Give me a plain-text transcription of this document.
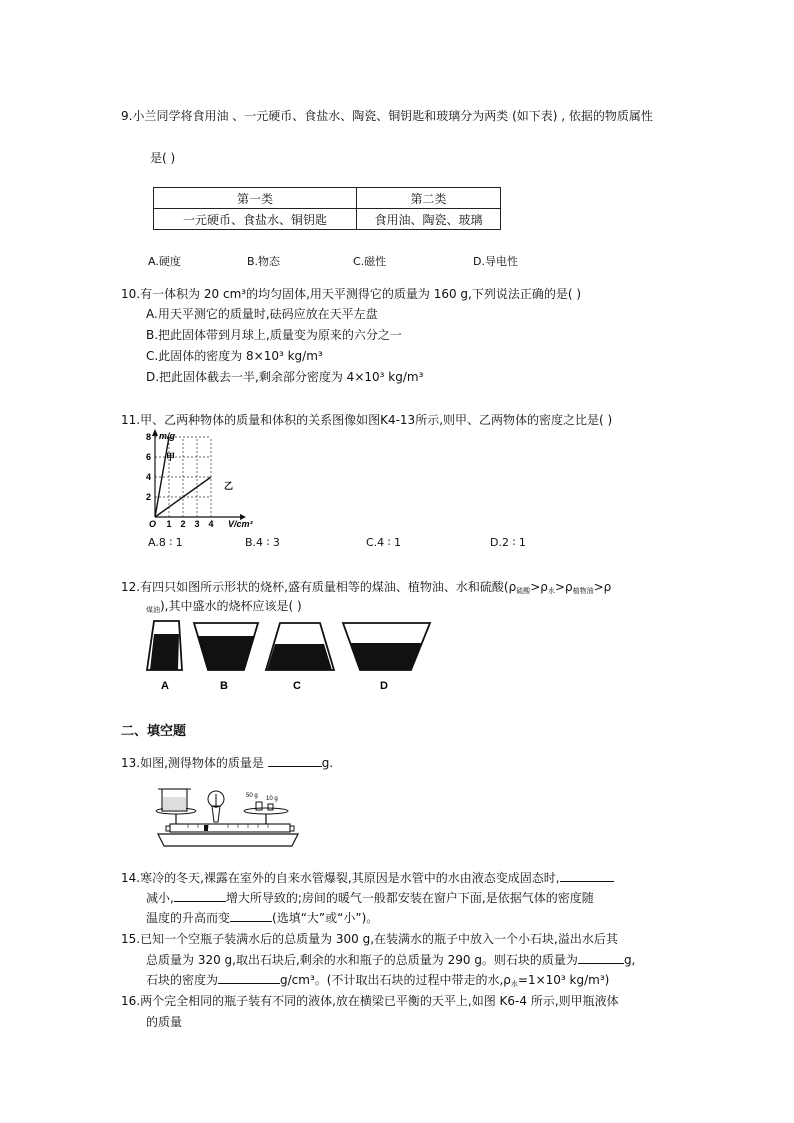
9.小兰同学将食用油 、一元硬币、食盐水、陶瓷、铜钥匙和玻璃分为两类 (如下表) , 依据的物质属性
是( )
第一类	第二类
一元硬币、食盐水、铜钥匙	食用油、陶瓷、玻璃
A.硬度	B.物态	C.磁性	D.导电性
10.有一体积为 20 cm³的均匀固体,用天平测得它的质量为 160 g,下列说法正确的是( )
A.用天平测它的质量时,砝码应放在天平左盘
B.把此固体带到月球上,质量变为原来的六分之一
C.此固体的密度为 8×10³ kg/m³
D.把此固体截去一半,剩余部分密度为 4×10³ kg/m³
11.甲、乙两种物体的质量和体积的关系图像如图K4-13所示,则甲、乙两物体的密度之比是( )
m/g
V/cm³
O
甲
乙
1 2 3 4
2
4
6
8
A.8 ∶ 1	B.4 ∶ 3	C.4 ∶ 1	D.2 ∶ 1
12.有四只如图所示形状的烧杯,盛有质量相等的煤油、植物油、水和硫酸($\rho_{硫酸}>\rho_水>\rho_{植物油}>\rho$
$_{煤油}$),其中盛水的烧杯应该是( )
A	B	C	D
二、填空题
13.如图,测得物体的质量是	g.
50 g 10 g
14.寒冷的冬天,裸露在室外的自来水管爆裂,其原因是水管中的水由液态变成固态时,
减小,	增大所导致的;房间的暖气一般都安装在窗户下面,是依据气体的密度随
温度的升高而变	(选填“大”或“小”)。
15.已知一个空瓶子装满水后的总质量为 300 g,在装满水的瓶子中放入一个小石块,溢出水后其
总质量为 320 g,取出石块后,剩余的水和瓶子的总质量为 290 g。则石块的质量为	g,
石块的密度为	g/cm³。(不计取出石块的过程中带走的水$,\rho_水=1\times 10^3$ kg/m³)
16.两个完全相同的瓶子装有不同的液体,放在横梁已平衡的天平上,如图 K6-4 所示,则甲瓶液体
的质量
